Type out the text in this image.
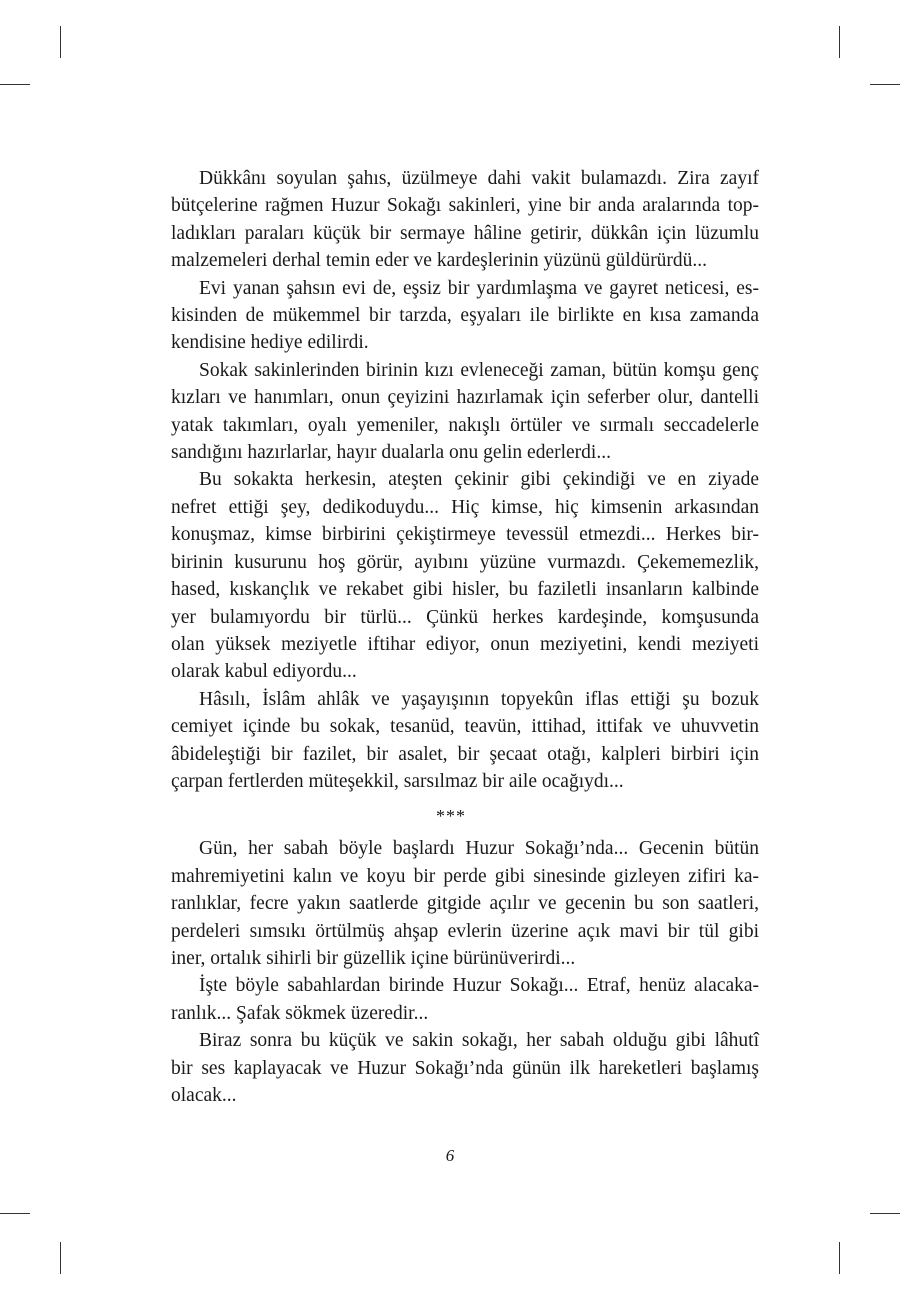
Dükkânı soyulan şahıs, üzülmeye dahi vakit bulamazdı. Zira zayıf
bütçelerine rağmen Huzur Sokağı sakinleri, yine bir anda aralarında top-
ladıkları paraları küçük bir sermaye hâline getirir, dükkân için lüzumlu
malzemeleri derhal temin eder ve kardeşlerinin yüzünü güldürürdü...
Evi yanan şahsın evi de, eşsiz bir yardımlaşma ve gayret neticesi, es-
kisinden de mükemmel bir tarzda, eşyaları ile birlikte en kısa zamanda
kendisine hediye edilirdi.
Sokak sakinlerinden birinin kızı evleneceği zaman, bütün komşu genç
kızları ve hanımları, onun çeyizini hazırlamak için seferber olur, dantelli
yatak takımları, oyalı yemeniler, nakışlı örtüler ve sırmalı seccadelerle
sandığını hazırlarlar, hayır dualarla onu gelin ederlerdi...
Bu sokakta herkesin, ateşten çekinir gibi çekindiği ve en ziyade
nefret ettiği şey, dedikoduydu... Hiç kimse, hiç kimsenin arkasından
konuşmaz, kimse birbirini çekiştirmeye tevessül etmezdi... Herkes bir-
birinin kusurunu hoş görür, ayıbını yüzüne vurmazdı. Çekememezlik,
hased, kıskançlık ve rekabet gibi hisler, bu faziletli insanların kalbinde
yer bulamıyordu bir türlü... Çünkü herkes kardeşinde, komşusunda
olan yüksek meziyetle iftihar ediyor, onun meziyetini, kendi meziyeti
olarak kabul ediyordu...
Hâsılı, İslâm ahlâk ve yaşayışının topyekûn iflas ettiği şu bozuk
cemiyet içinde bu sokak, tesanüd, teavün, ittihad, ittifak ve uhuvvetin
âbideleştiği bir fazilet, bir asalet, bir şecaat otağı, kalpleri birbiri için
çarpan fertlerden müteşekkil, sarsılmaz bir aile ocağıydı...
***
Gün, her sabah böyle başlardı Huzur Sokağı’nda... Gecenin bütün
mahremiyetini kalın ve koyu bir perde gibi sinesinde gizleyen zifiri ka-
ranlıklar, fecre yakın saatlerde gitgide açılır ve gecenin bu son saatleri,
perdeleri sımsıkı örtülmüş ahşap evlerin üzerine açık mavi bir tül gibi
iner, ortalık sihirli bir güzellik içine bürünüverirdi...
İşte böyle sabahlardan birinde Huzur Sokağı... Etraf, henüz alacaka-
ranlık... Şafak sökmek üzeredir...
Biraz sonra bu küçük ve sakin sokağı, her sabah olduğu gibi lâhutî
bir ses kaplayacak ve Huzur Sokağı’nda günün ilk hareketleri başlamış
olacak...
6
